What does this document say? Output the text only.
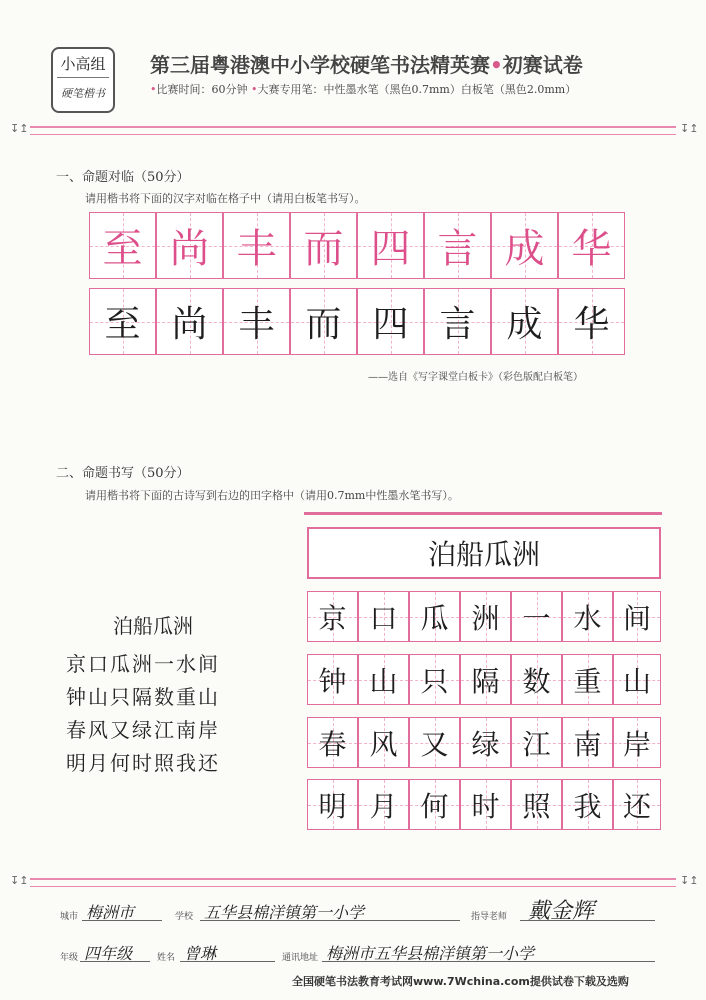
小高组
硬笔楷书
第三届粤港澳中小学校硬笔书法精英赛•初赛试卷
•比赛时间：60分钟 •大赛专用笔：中性墨水笔（黑色0.7mm）白板笔（黑色2.0mm）
↧↥	↧↥
一、命题对临（50分）
请用楷书将下面的汉字对临在格子中（请用白板笔书写）。
至 尚 丰 而 四 言 成 华
至 尚 丰 而 四 言 成 华
——选自《写字课堂白板卡》（彩色版配白板笔）
二、命题书写（50分）
请用楷书将下面的古诗写到右边的田字格中（请用0.7mm中性墨水笔书写）。
泊船瓜洲
京口瓜洲一水间
钟山只隔数重山
春风又绿江南岸
明月何时照我还
泊船瓜洲
京 口 瓜 洲 一 水 间
钟 山 只 隔 数 重 山
春 风 又 绿 江 南 岸
明 月 何 时 照 我 还
↧↥	↧↥
城市 梅洲市	学校 五华县棉洋镇第一小学	指导老师 戴金辉
年级 四年级	姓名 曾琳	通讯地址 梅洲市五华县棉洋镇第一小学
全国硬笔书法教育考试网www.7Wchina.com提供试卷下载及选购
